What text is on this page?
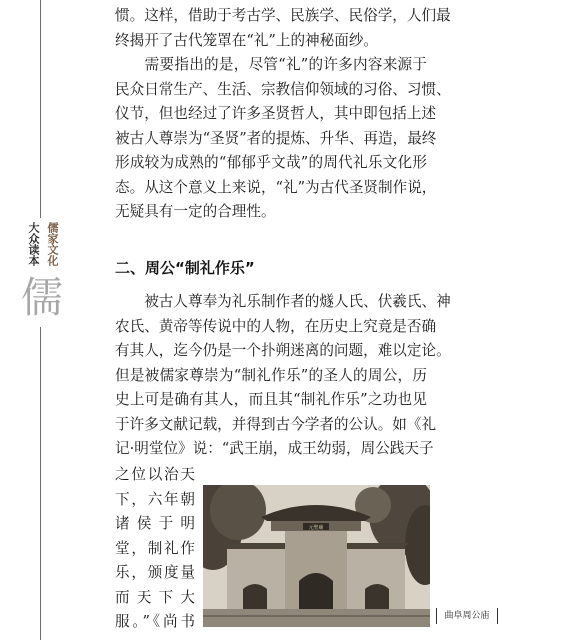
儒家文化
大众读本
儒
惯。这样，借助于考古学、民族学、民俗学，人们最
终揭开了古代笼罩在“礼”上的神秘面纱。
　　需要指出的是，尽管“礼”的许多内容来源于
民众日常生产、生活、宗教信仰领域的习俗、习惯、
仪节，但也经过了许多圣贤哲人，其中即包括上述
被古人尊崇为“圣贤”者的提炼、升华、再造，最终
形成较为成熟的“郁郁乎文哉”的周代礼乐文化形
态。从这个意义上来说，“礼”为古代圣贤制作说，
无疑具有一定的合理性。
二、周公“制礼作乐”
　　被古人尊奉为礼乐制作者的燧人氏、伏羲氏、神
农氏、黄帝等传说中的人物，在历史上究竟是否确
有其人，迄今仍是一个扑朔迷离的问题，难以定论。
但是被儒家尊崇为“制礼作乐”的圣人的周公，历
史上可是确有其人，而且其“制礼作乐”之功也见
于许多文献记载，并得到古今学者的公认。如《礼
记·明堂位》说：“武王崩，成王幼弱，周公践天子
之位以治天
下，六年朝
诸侯于明
堂，制礼作
乐，颁度量
而天下大
服。”《尚书
元聖廟
曲阜周公庙
